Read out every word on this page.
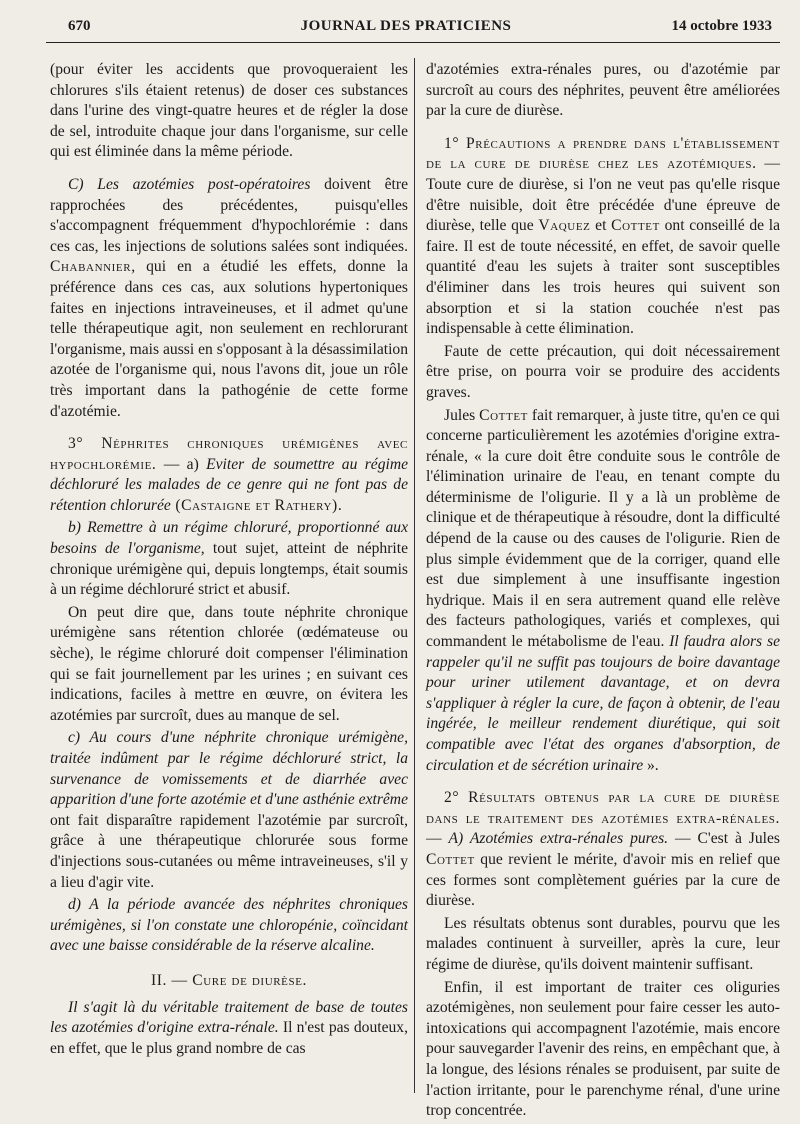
670	JOURNAL DES PRATICIENS	14 octobre 1933

(pour éviter les accidents que provoqueraient les chlorures s'ils étaient retenus) de doser ces substances dans l'urine des vingt-quatre heures et de régler la dose de sel, introduite chaque jour dans l'organisme, sur celle qui est éliminée dans la même période.

C) Les azotémies post-opératoires doivent être rapprochées des précédentes, puisqu'elles s'accompagnent fréquemment d'hypochlorémie : dans ces cas, les injections de solutions salées sont indiquées. Chabannier, qui en a étudié les effets, donne la préférence dans ces cas, aux solutions hypertoniques faites en injections intraveineuses, et il admet qu'une telle thérapeutique agit, non seulement en rechlorurant l'organisme, mais aussi en s'opposant à la désassimilation azotée de l'organisme qui, nous l'avons dit, joue un rôle très important dans la pathogénie de cette forme d'azotémie.

3° Néphrites chroniques urémigènes avec hypochlorémie. — a) Eviter de soumettre au régime déchloruré les malades de ce genre qui ne font pas de rétention chlorurée (Castaigne et Rathery).

b) Remettre à un régime chloruré, proportionné aux besoins de l'organisme, tout sujet, atteint de néphrite chronique urémigène qui, depuis longtemps, était soumis à un régime déchloruré strict et abusif.

On peut dire que, dans toute néphrite chronique urémigène sans rétention chlorée (œdémateuse ou sèche), le régime chloruré doit compenser l'élimination qui se fait journellement par les urines ; en suivant ces indications, faciles à mettre en œuvre, on évitera les azotémies par surcroît, dues au manque de sel.

c) Au cours d'une néphrite chronique urémigène, traitée indûment par le régime déchloruré strict, la survenance de vomissements et de diarrhée avec apparition d'une forte azotémie et d'une asthénie extrême ont fait disparaître rapidement l'azotémie par surcroît, grâce à une thérapeutique chlorurée sous forme d'injections sous-cutanées ou même intraveineuses, s'il y a lieu d'agir vite.

d) A la période avancée des néphrites chroniques urémigènes, si l'on constate une chloropénie, coïncidant avec une baisse considérable de la réserve alcaline.

II. — Cure de diurèse.

Il s'agit là du véritable traitement de base de toutes les azotémies d'origine extra-rénale. Il n'est pas douteux, en effet, que le plus grand nombre de cas

d'azotémies extra-rénales pures, ou d'azotémie par surcroît au cours des néphrites, peuvent être améliorées par la cure de diurèse.

1° Précautions a prendre dans l'établissement de la cure de diurèse chez les azotémiques. — Toute cure de diurèse, si l'on ne veut pas qu'elle risque d'être nuisible, doit être précédée d'une épreuve de diurèse, telle que Vaquez et Cottet ont conseillé de la faire. Il est de toute nécessité, en effet, de savoir quelle quantité d'eau les sujets à traiter sont susceptibles d'éliminer dans les trois heures qui suivent son absorption et si la station couchée n'est pas indispensable à cette élimination.

Faute de cette précaution, qui doit nécessairement être prise, on pourra voir se produire des accidents graves.

Jules Cottet fait remarquer, à juste titre, qu'en ce qui concerne particulièrement les azotémies d'origine extra-rénale, « la cure doit être conduite sous le contrôle de l'élimination urinaire de l'eau, en tenant compte du déterminisme de l'oligurie. Il y a là un problème de clinique et de thérapeutique à résoudre, dont la difficulté dépend de la cause ou des causes de l'oligurie. Rien de plus simple évidemment que de la corriger, quand elle est due simplement à une insuffisante ingestion hydrique. Mais il en sera autrement quand elle relève des facteurs pathologiques, variés et complexes, qui commandent le métabolisme de l'eau. Il faudra alors se rappeler qu'il ne suffit pas toujours de boire davantage pour uriner utilement davantage, et on devra s'appliquer à régler la cure, de façon à obtenir, de l'eau ingérée, le meilleur rendement diurétique, qui soit compatible avec l'état des organes d'absorption, de circulation et de sécrétion urinaire ».

2° Résultats obtenus par la cure de diurèse dans le traitement des azotémies extra-rénales. — A) Azotémies extra-rénales pures. — C'est à Jules Cottet que revient le mérite, d'avoir mis en relief que ces formes sont complètement guéries par la cure de diurèse.

Les résultats obtenus sont durables, pourvu que les malades continuent à surveiller, après la cure, leur régime de diurèse, qu'ils doivent maintenir suffisant.

Enfin, il est important de traiter ces oliguries azotémigènes, non seulement pour faire cesser les auto-intoxications qui accompagnent l'azotémie, mais encore pour sauvegarder l'avenir des reins, en empêchant que, à la longue, des lésions rénales se produisent, par suite de l'action irritante, pour le parenchyme rénal, d'une urine trop concentrée.
